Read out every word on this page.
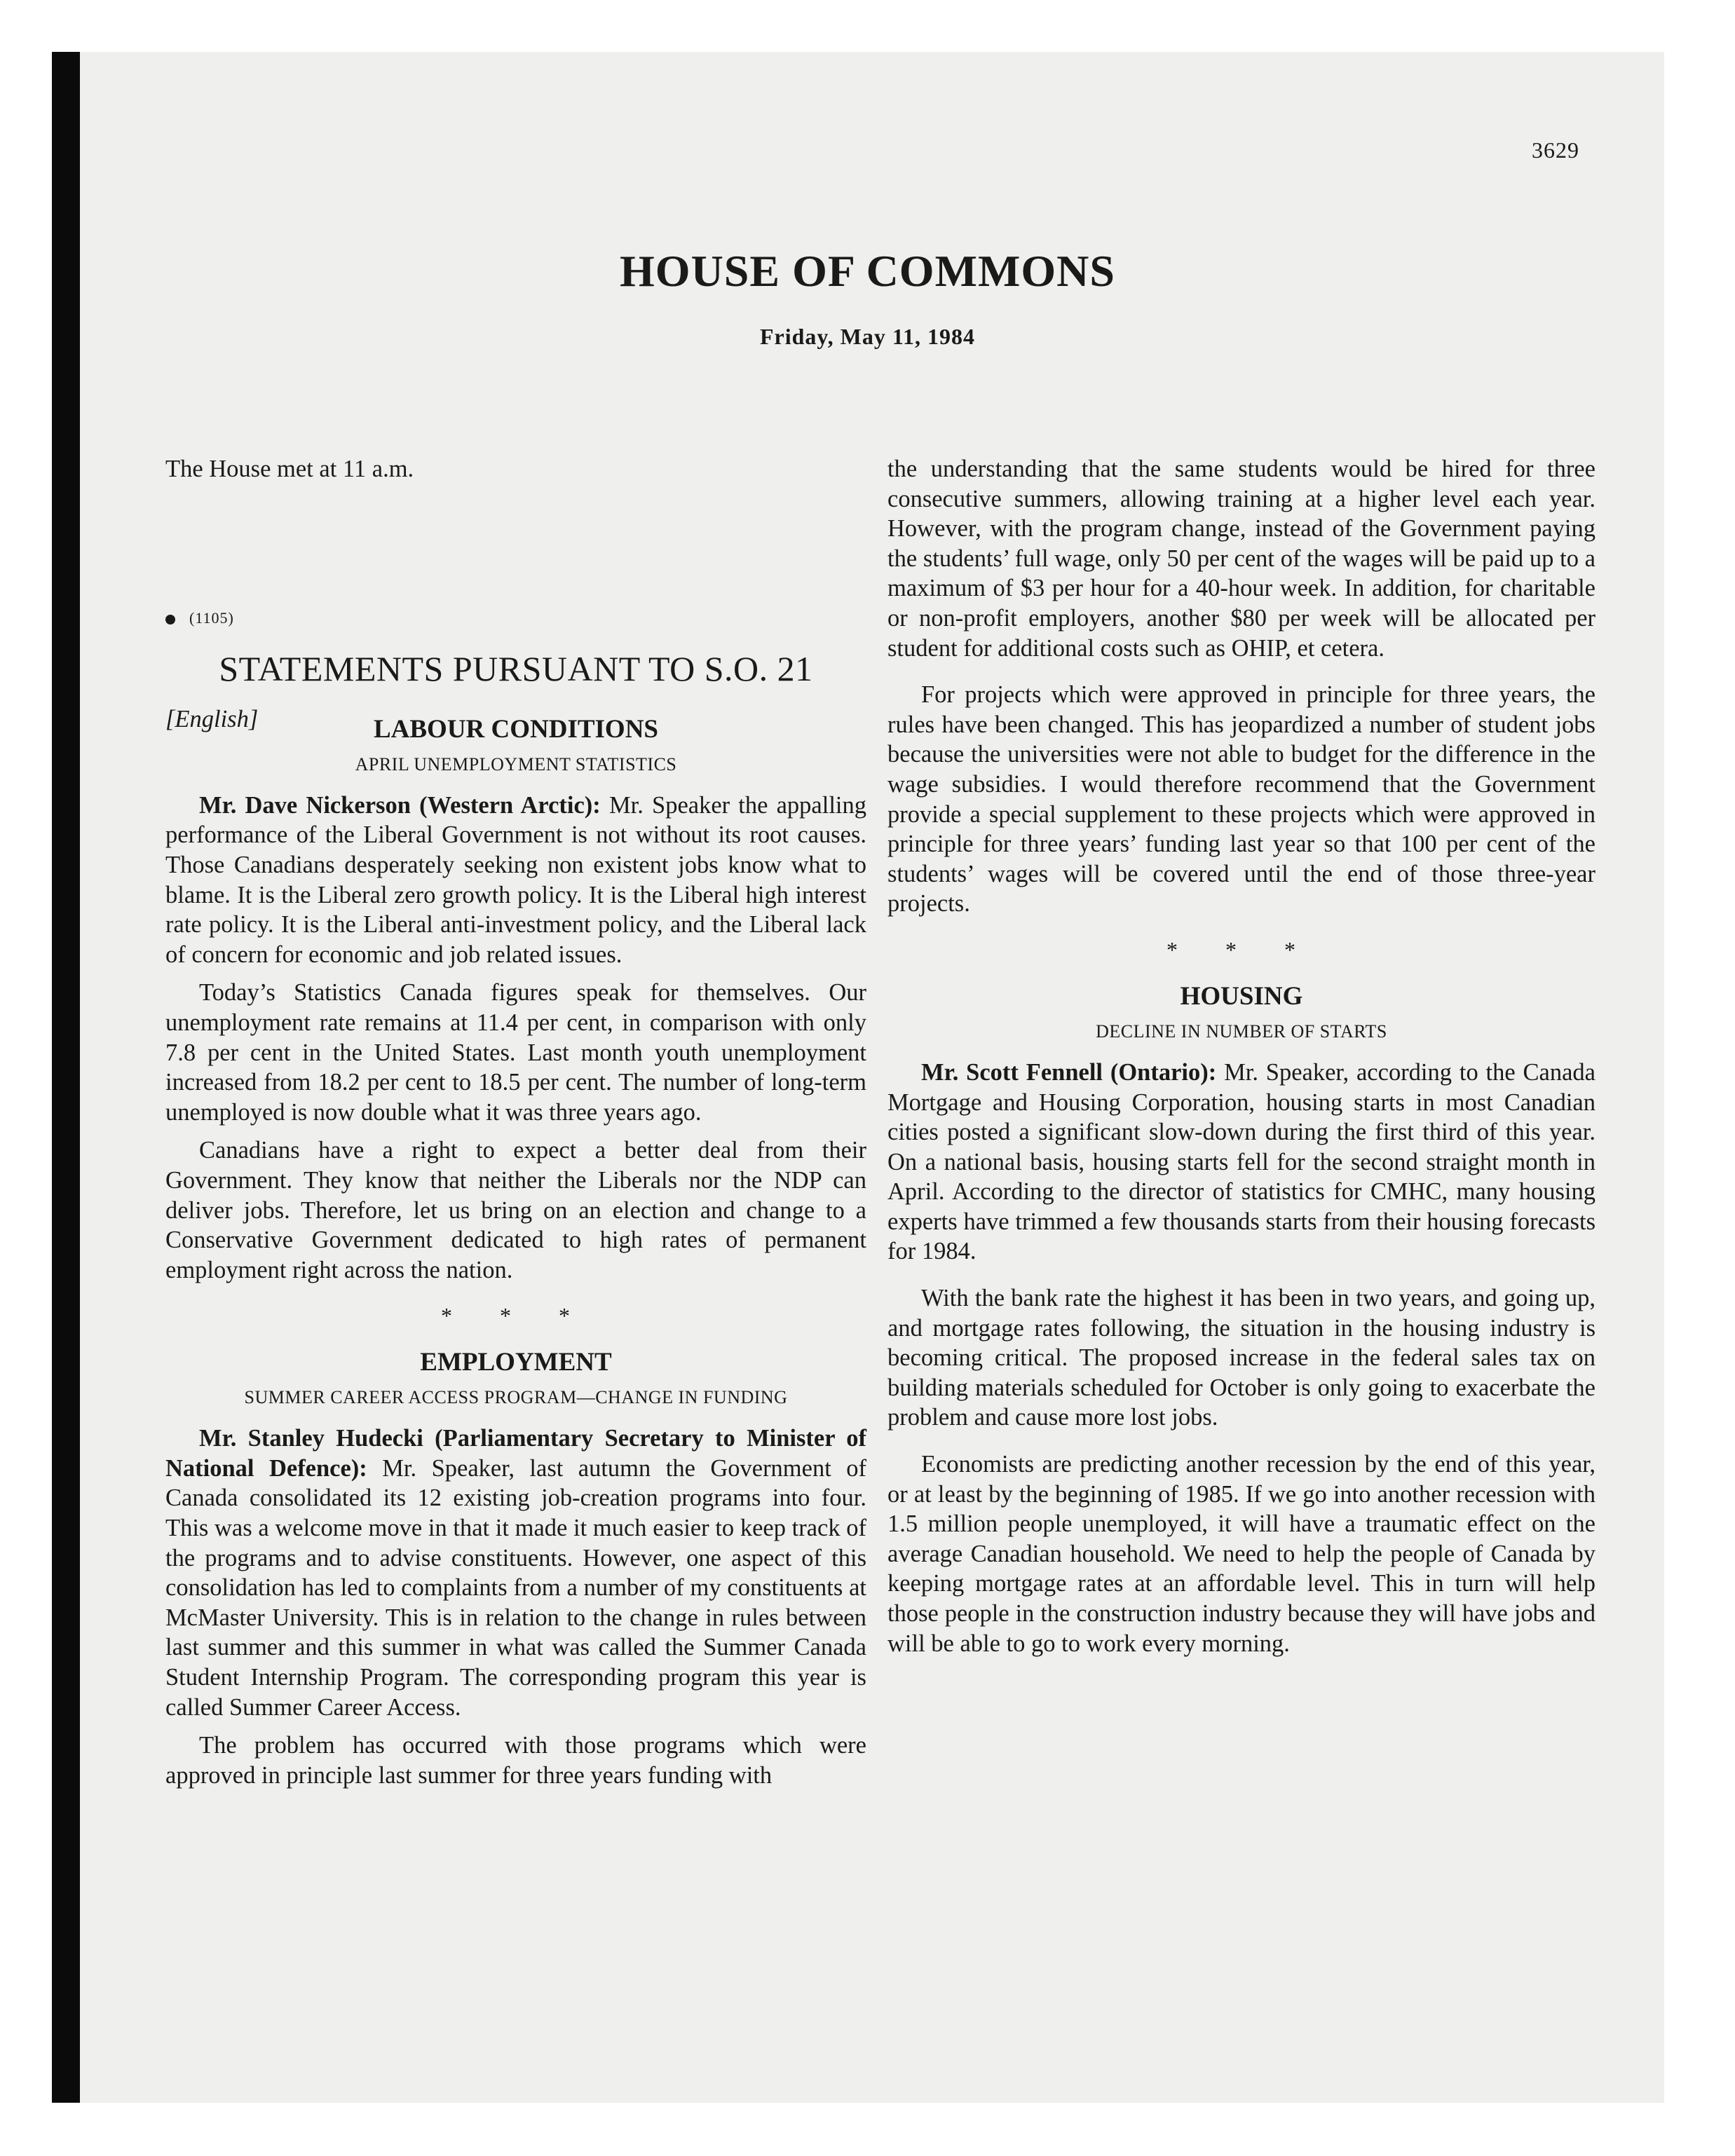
3629
HOUSE OF COMMONS
Friday, May 11, 1984

The House met at 11 a.m.

(1105)

STATEMENTS PURSUANT TO S.O. 21

[English]	LABOUR CONDITIONS
APRIL UNEMPLOYMENT STATISTICS

Mr. Dave Nickerson (Western Arctic): Mr. Speaker the appalling performance of the Liberal Government is not without its root causes. Those Canadians desperately seeking non existent jobs know what to blame. It is the Liberal zero growth policy. It is the Liberal high interest rate policy. It is the Liberal anti-investment policy, and the Liberal lack of concern for economic and job related issues.

Today’s Statistics Canada figures speak for themselves. Our unemployment rate remains at 11.4 per cent, in comparison with only 7.8 per cent in the United States. Last month youth unemployment increased from 18.2 per cent to 18.5 per cent. The number of long-term unemployed is now double what it was three years ago.

Canadians have a right to expect a better deal from their Government. They know that neither the Liberals nor the NDP can deliver jobs. Therefore, let us bring on an election and change to a Conservative Government dedicated to high rates of permanent employment right across the nation.

* * *
EMPLOYMENT
SUMMER CAREER ACCESS PROGRAM—CHANGE IN FUNDING

Mr. Stanley Hudecki (Parliamentary Secretary to Minister of National Defence): Mr. Speaker, last autumn the Government of Canada consolidated its 12 existing job-creation programs into four. This was a welcome move in that it made it much easier to keep track of the programs and to advise constituents. However, one aspect of this consolidation has led to complaints from a number of my constituents at McMaster University. This is in relation to the change in rules between last summer and this summer in what was called the Summer Canada Student Internship Program. The corresponding program this year is called Summer Career Access.

The problem has occurred with those programs which were approved in principle last summer for three years funding with

the understanding that the same students would be hired for three consecutive summers, allowing training at a higher level each year. However, with the program change, instead of the Government paying the students’ full wage, only 50 per cent of the wages will be paid up to a maximum of $3 per hour for a 40-hour week. In addition, for charitable or non-profit employers, another $80 per week will be allocated per student for additional costs such as OHIP, et cetera.

For projects which were approved in principle for three years, the rules have been changed. This has jeopardized a number of student jobs because the universities were not able to budget for the difference in the wage subsidies. I would therefore recommend that the Government provide a special supplement to these projects which were approved in principle for three years’ funding last year so that 100 per cent of the students’ wages will be covered until the end of those three-year projects.

* * *
HOUSING
DECLINE IN NUMBER OF STARTS

Mr. Scott Fennell (Ontario): Mr. Speaker, according to the Canada Mortgage and Housing Corporation, housing starts in most Canadian cities posted a significant slow-down during the first third of this year. On a national basis, housing starts fell for the second straight month in April. According to the director of statistics for CMHC, many housing experts have trimmed a few thousands starts from their housing forecasts for 1984.

With the bank rate the highest it has been in two years, and going up, and mortgage rates following, the situation in the housing industry is becoming critical. The proposed increase in the federal sales tax on building materials scheduled for October is only going to exacerbate the problem and cause more lost jobs.

Economists are predicting another recession by the end of this year, or at least by the beginning of 1985. If we go into another recession with 1.5 million people unemployed, it will have a traumatic effect on the average Canadian household. We need to help the people of Canada by keeping mortgage rates at an affordable level. This in turn will help those people in the construction industry because they will have jobs and will be able to go to work every morning.
